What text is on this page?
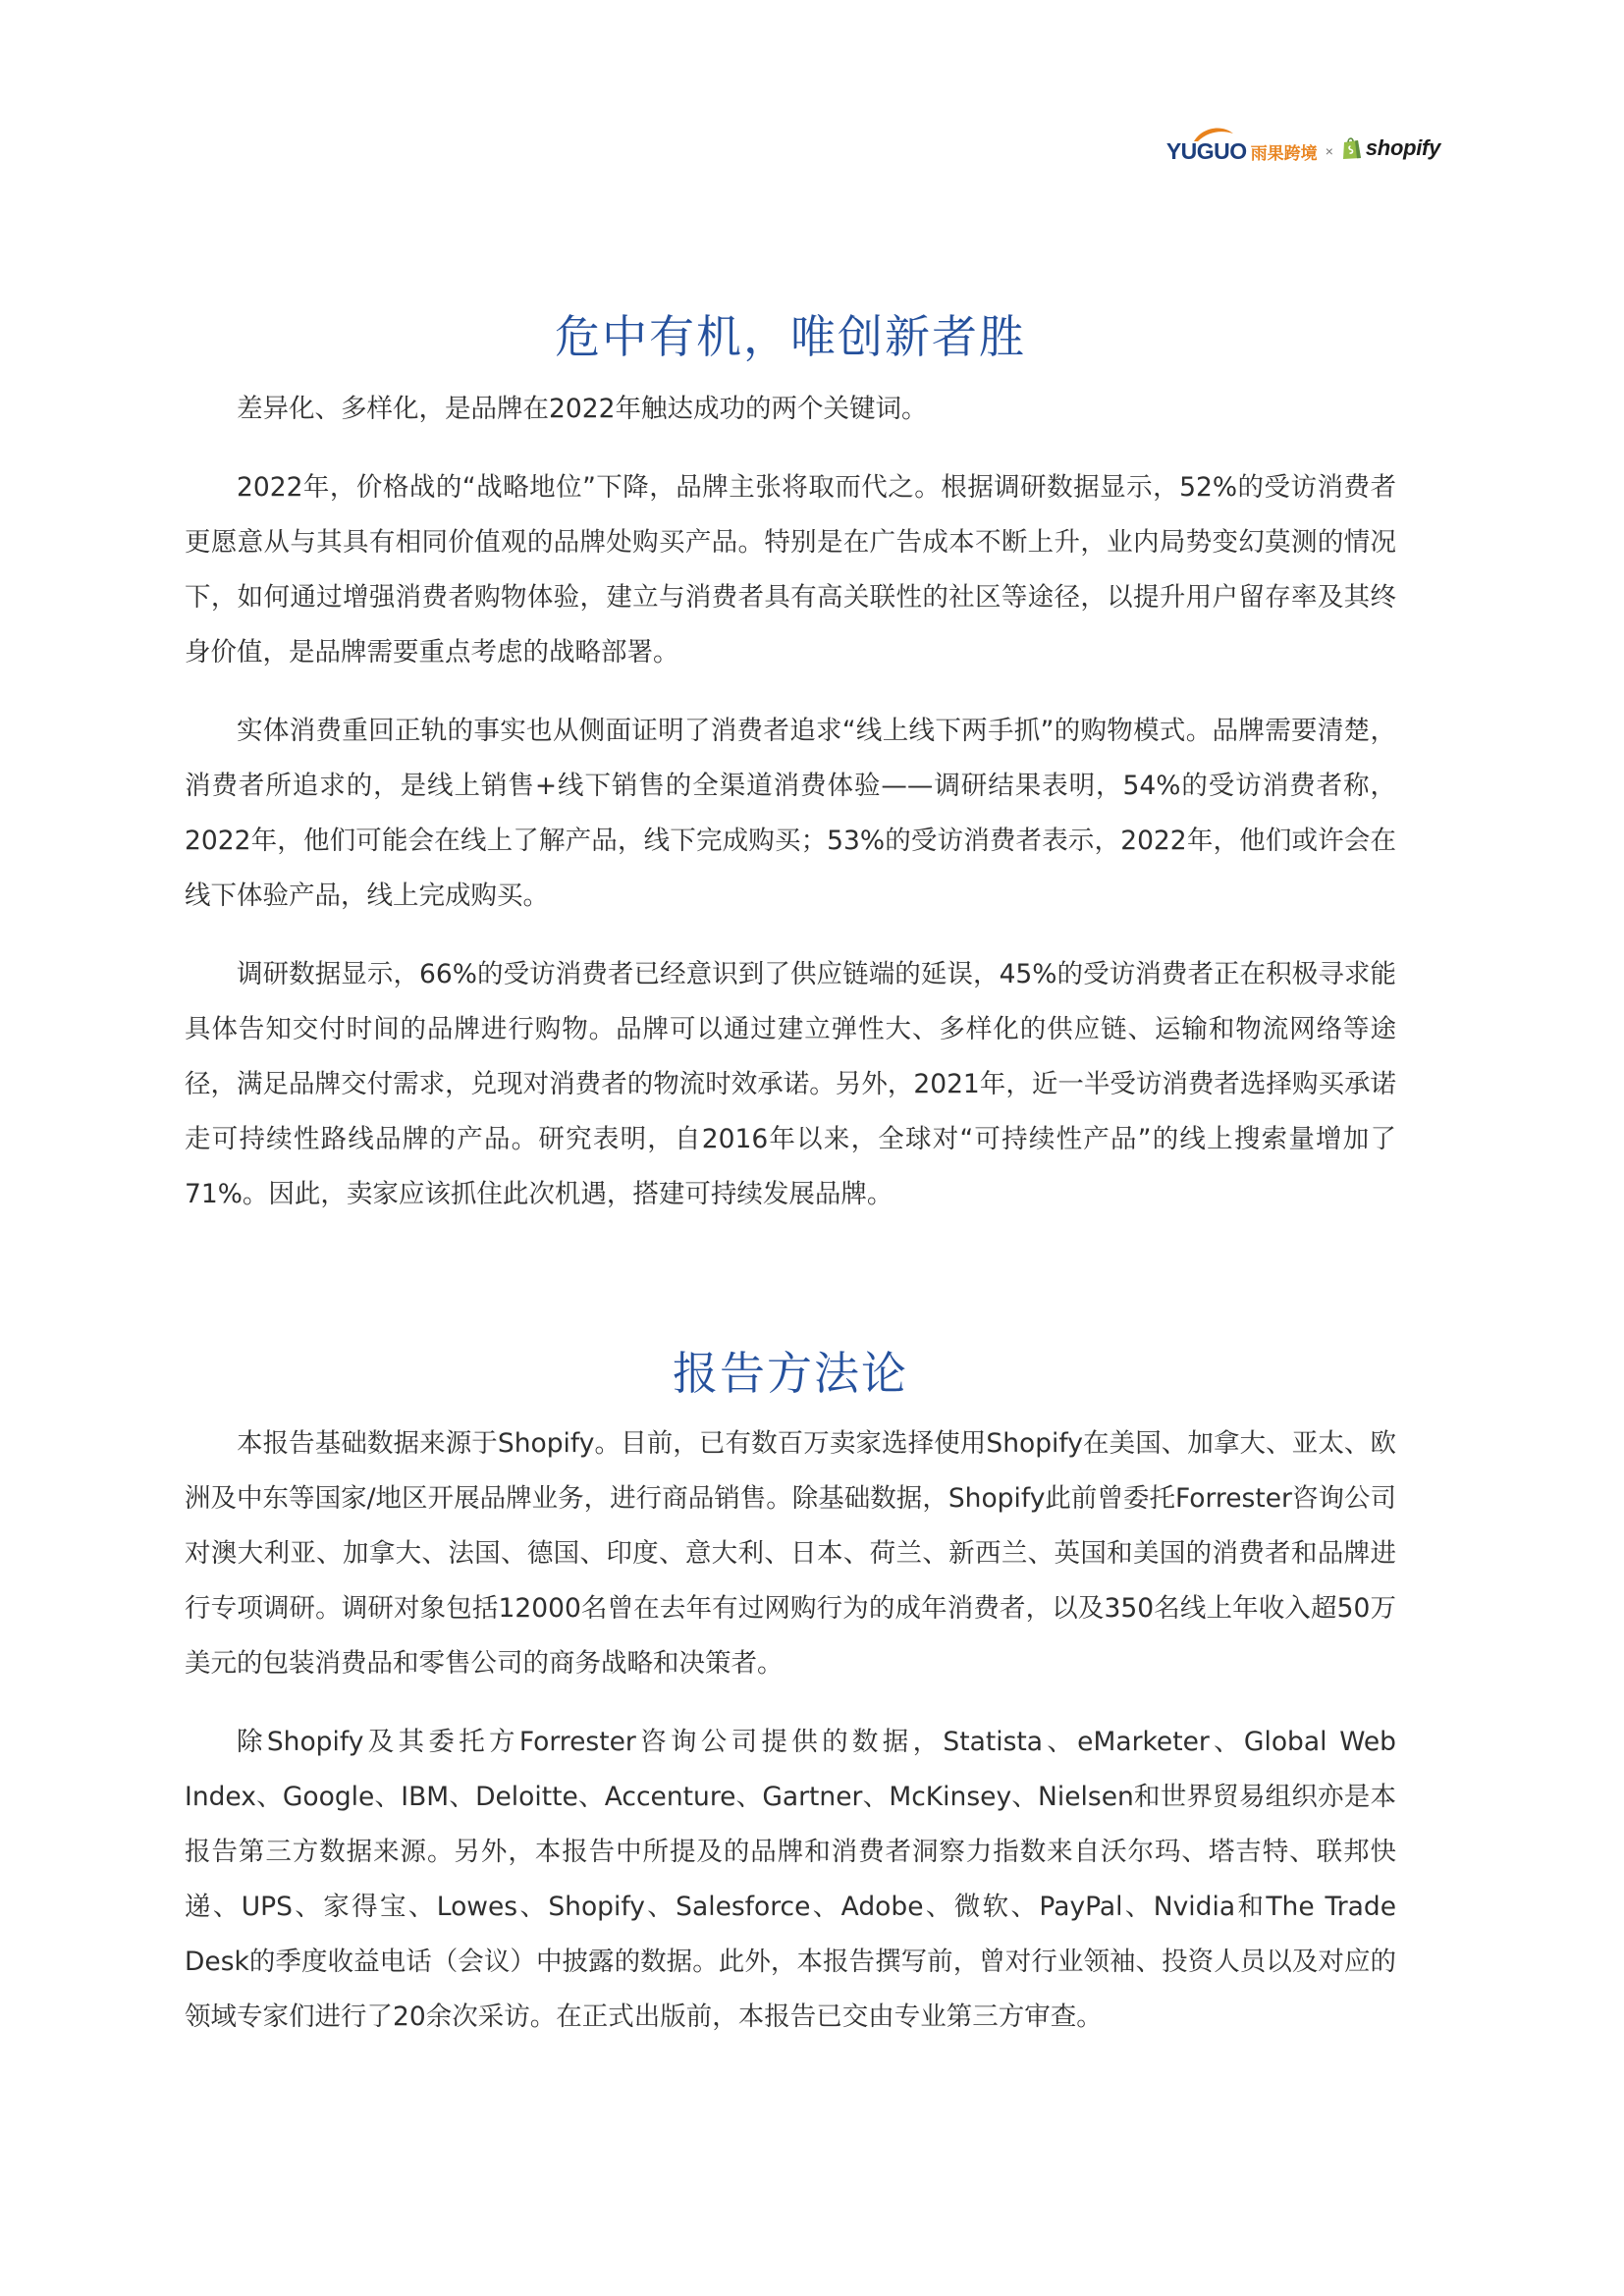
YUGUO 雨果跨境 × shopify
危中有机，唯创新者胜

差异化、多样化，是品牌在2022年触达成功的两个关键词。

2022年，价格战的“战略地位”下降，品牌主张将取而代之。根据调研数据显示，52%的受访消费者更愿意从与其具有相同价值观的品牌处购买产品。特别是在广告成本不断上升，业内局势变幻莫测的情况下，如何通过增强消费者购物体验，建立与消费者具有高关联性的社区等途径，以提升用户留存率及其终身价值，是品牌需要重点考虑的战略部署。

实体消费重回正轨的事实也从侧面证明了消费者追求“线上线下两手抓”的购物模式。品牌需要清楚，消费者所追求的，是线上销售+线下销售的全渠道消费体验——调研结果表明，54%的受访消费者称，2022年，他们可能会在线上了解产品，线下完成购买；53%的受访消费者表示，2022年，他们或许会在线下体验产品，线上完成购买。

调研数据显示，66%的受访消费者已经意识到了供应链端的延误，45%的受访消费者正在积极寻求能具体告知交付时间的品牌进行购物。品牌可以通过建立弹性大、多样化的供应链、运输和物流网络等途径，满足品牌交付需求，兑现对消费者的物流时效承诺。另外，2021年，近一半受访消费者选择购买承诺走可持续性路线品牌的产品。研究表明，自2016年以来，全球对“可持续性产品”的线上搜索量增加了71%。因此，卖家应该抓住此次机遇，搭建可持续发展品牌。

报告方法论

本报告基础数据来源于Shopify。目前，已有数百万卖家选择使用Shopify在美国、加拿大、亚太、欧洲及中东等国家/地区开展品牌业务，进行商品销售。除基础数据，Shopify此前曾委托Forrester咨询公司对澳大利亚、加拿大、法国、德国、印度、意大利、日本、荷兰、新西兰、英国和美国的消费者和品牌进行专项调研。调研对象包括12000名曾在去年有过网购行为的成年消费者，以及350名线上年收入超50万美元的包装消费品和零售公司的商务战略和决策者。

除Shopify及其委托方Forrester咨询公司提供的数据，Statista、eMarketer、Global Web Index、Google、IBM、Deloitte、Accenture、Gartner、McKinsey、Nielsen和世界贸易组织亦是本报告第三方数据来源。另外，本报告中所提及的品牌和消费者洞察力指数来自沃尔玛、塔吉特、联邦快递、UPS、家得宝、Lowes、Shopify、Salesforce、Adobe、微软、PayPal、Nvidia和The Trade Desk的季度收益电话（会议）中披露的数据。此外，本报告撰写前，曾对行业领袖、投资人员以及对应的领域专家们进行了20余次采访。在正式出版前，本报告已交由专业第三方审查。
